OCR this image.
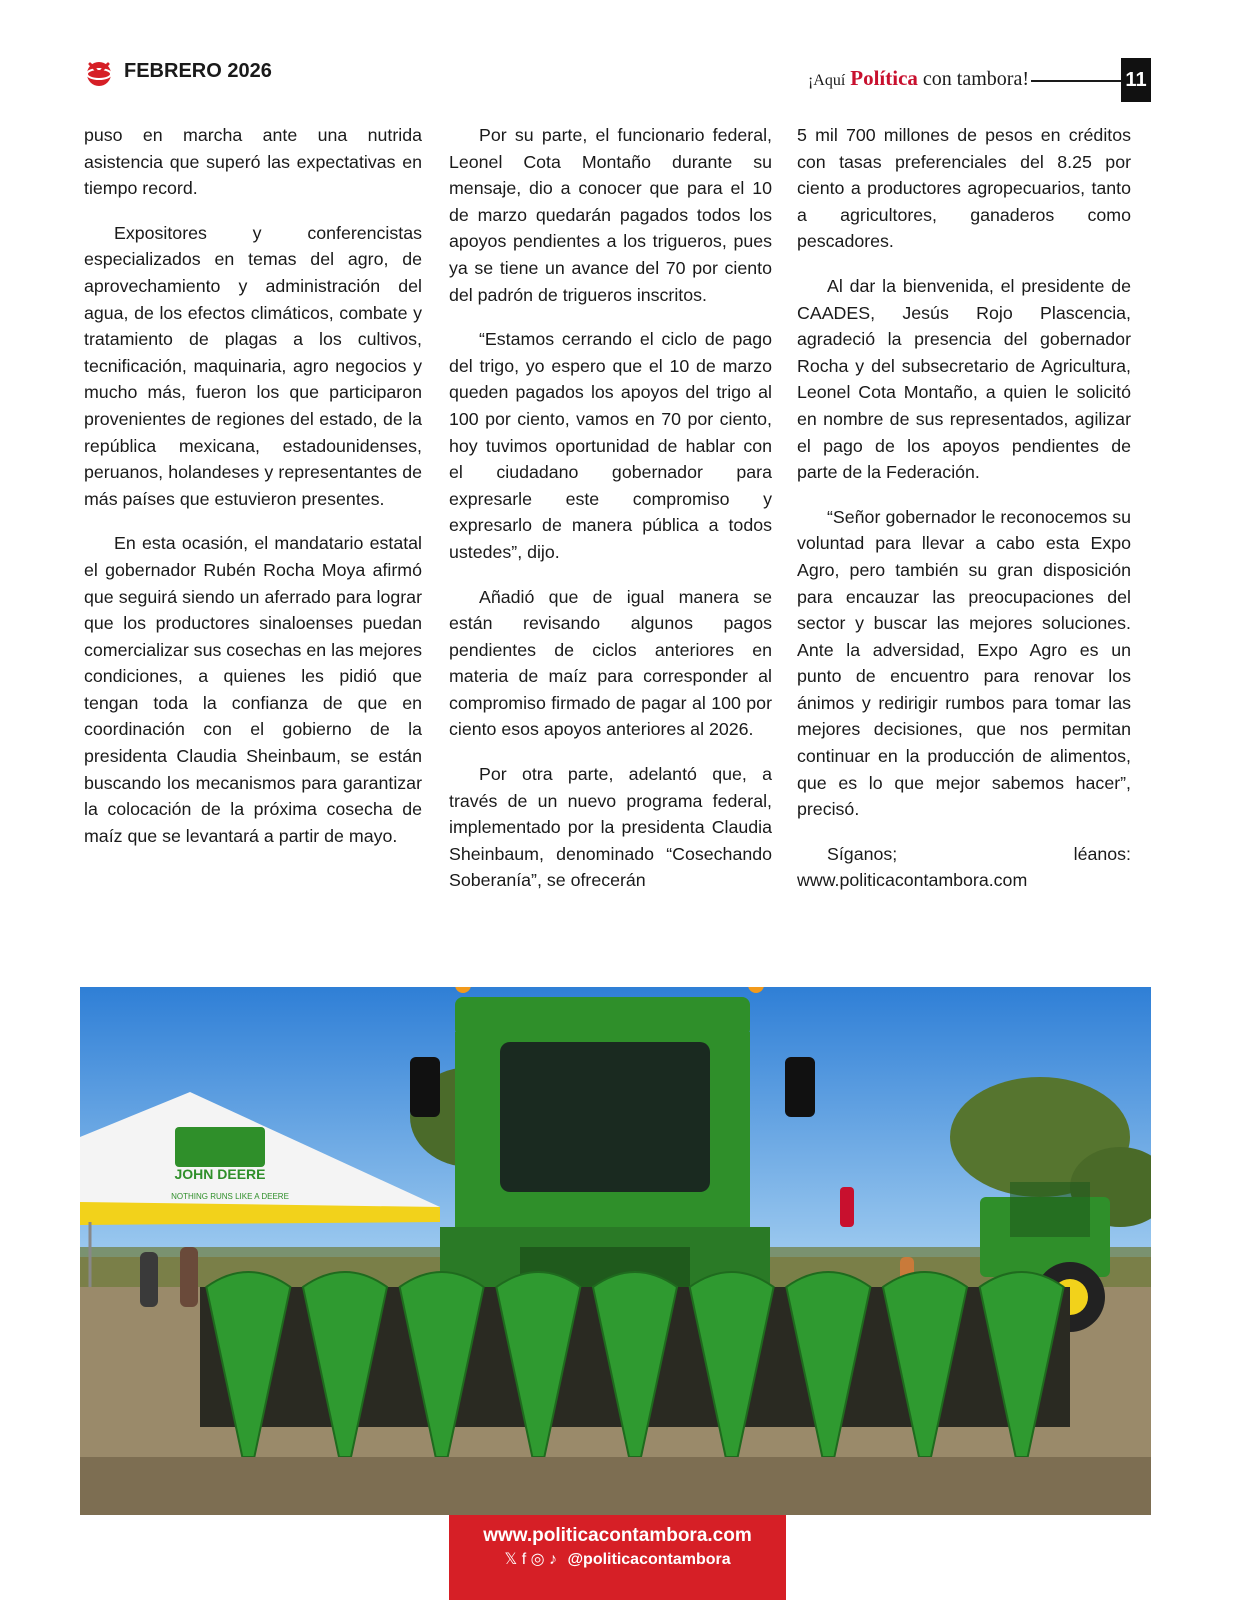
FEBRERO 2026	¡Aquí Política con tambora!	11

puso en marcha ante una nutrida asistencia que superó las expectativas en tiempo record.

Expositores y conferencistas especializados en temas del agro, de aprovechamiento y administración del agua, de los efectos climáticos, combate y tratamiento de plagas a los cultivos, tecnificación, maquinaria, agro negocios y mucho más, fueron los que participaron provenientes de regiones del estado, de la república mexicana, estadounidenses, peruanos, holandeses y representantes de más países que estuvieron presentes.

En esta ocasión, el mandatario estatal el gobernador Rubén Rocha Moya afirmó que seguirá siendo un aferrado para lograr que los productores sinaloenses puedan comercializar sus cosechas en las mejores condiciones, a quienes les pidió que tengan toda la confianza de que en coordinación con el gobierno de la presidenta Claudia Sheinbaum, se están buscando los mecanismos para garantizar la colocación de la próxima cosecha de maíz que se levantará a partir de mayo.

Por su parte, el funcionario federal, Leonel Cota Montaño durante su mensaje, dio a conocer que para el 10 de marzo quedarán pagados todos los apoyos pendientes a los trigueros, pues ya se tiene un avance del 70 por ciento del padrón de trigueros inscritos.

“Estamos cerrando el ciclo de pago del trigo, yo espero que el 10 de marzo queden pagados los apoyos del trigo al 100 por ciento, vamos en 70 por ciento, hoy tuvimos oportunidad de hablar con el ciudadano gobernador para expresarle este compromiso y expresarlo de manera pública a todos ustedes”, dijo.

Añadió que de igual manera se están revisando algunos pagos pendientes de ciclos anteriores en materia de maíz para corresponder al compromiso firmado de pagar al 100 por ciento esos apoyos anteriores al 2026.

Por otra parte, adelantó que, a través de un nuevo programa federal, implementado por la presidenta Claudia Sheinbaum, denominado “Cosechando Soberanía”, se ofrecerán

5 mil 700 millones de pesos en créditos con tasas preferenciales del 8.25 por ciento a productores agropecuarios, tanto a agricultores, ganaderos como pescadores.

Al dar la bienvenida, el presidente de CAADES, Jesús Rojo Plascencia, agradeció la presencia del gobernador Rocha y del subsecretario de Agricultura, Leonel Cota Montaño, a quien le solicitó en nombre de sus representados, agilizar el pago de los apoyos pendientes de parte de la Federación.

“Señor gobernador le reconocemos su voluntad para llevar a cabo esta Expo Agro, pero también su gran disposición para encauzar las preocupaciones del sector y buscar las mejores soluciones. Ante la adversidad, Expo Agro es un punto de encuentro para renovar los ánimos y redirigir rumbos para tomar las mejores decisiones, que nos permitan continuar en la producción de alimentos, que es lo que mejor sabemos hacer”, precisó.

Síganos; léanos: www.politicacontambora.com

JOHN DEERE
NOTHING RUNS LIKE A DEERE
www.politicacontambora.com
𝕏 f ◎ ♪ @politicacontambora
